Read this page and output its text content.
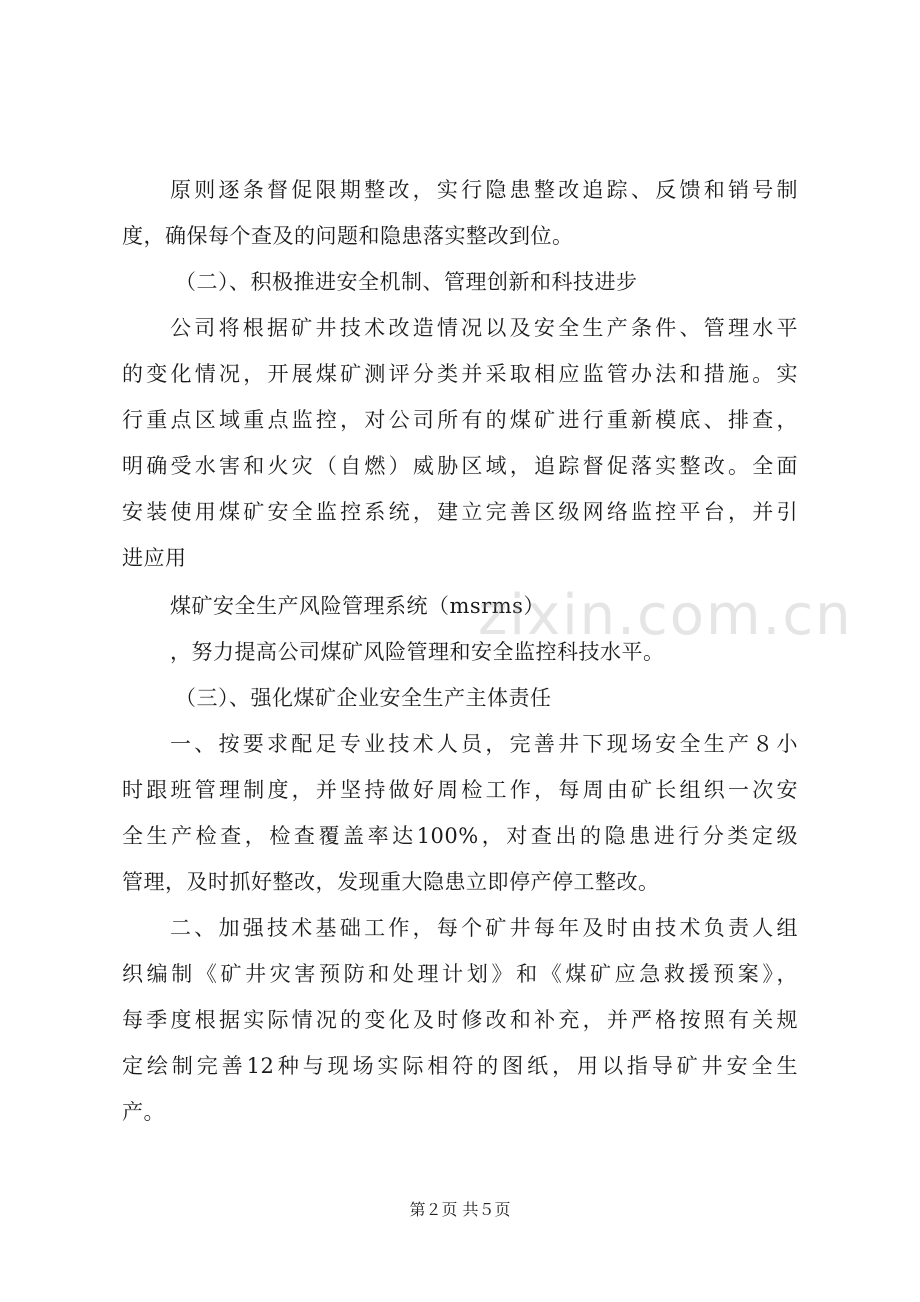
原则逐条督促限期整改，实行隐患整改追踪、反馈和销号制
度，确保每个查及的问题和隐患落实整改到位。
（二）、积极推进安全机制、管理创新和科技进步
公司将根据矿井技术改造情况以及安全生产条件、管理水平
的变化情况，开展煤矿测评分类并采取相应监管办法和措施。实
行重点区域重点监控，对公司所有的煤矿进行重新模底、排查，
明确受水害和火灾（自燃）威胁区域，追踪督促落实整改。全面
安装使用煤矿安全监控系统，建立完善区级网络监控平台，并引
进应用
煤矿安全生产风险管理系统（msrms）
，努力提高公司煤矿风险管理和安全监控科技水平。
（三）、强化煤矿企业安全生产主体责任
一、按要求配足专业技术人员，完善井下现场安全生产８小
时跟班管理制度，并坚持做好周检工作，每周由矿长组织一次安
全生产检查，检查覆盖率达100%，对查出的隐患进行分类定级
管理，及时抓好整改，发现重大隐患立即停产停工整改。
二、加强技术基础工作，每个矿井每年及时由技术负责人组
织编制《矿井灾害预防和处理计划》和《煤矿应急救援预案》，
每季度根据实际情况的变化及时修改和补充，并严格按照有关规
定绘制完善12种与现场实际相符的图纸，用以指导矿井安全生
产。
zixin.com.cn
第２页 共５页
